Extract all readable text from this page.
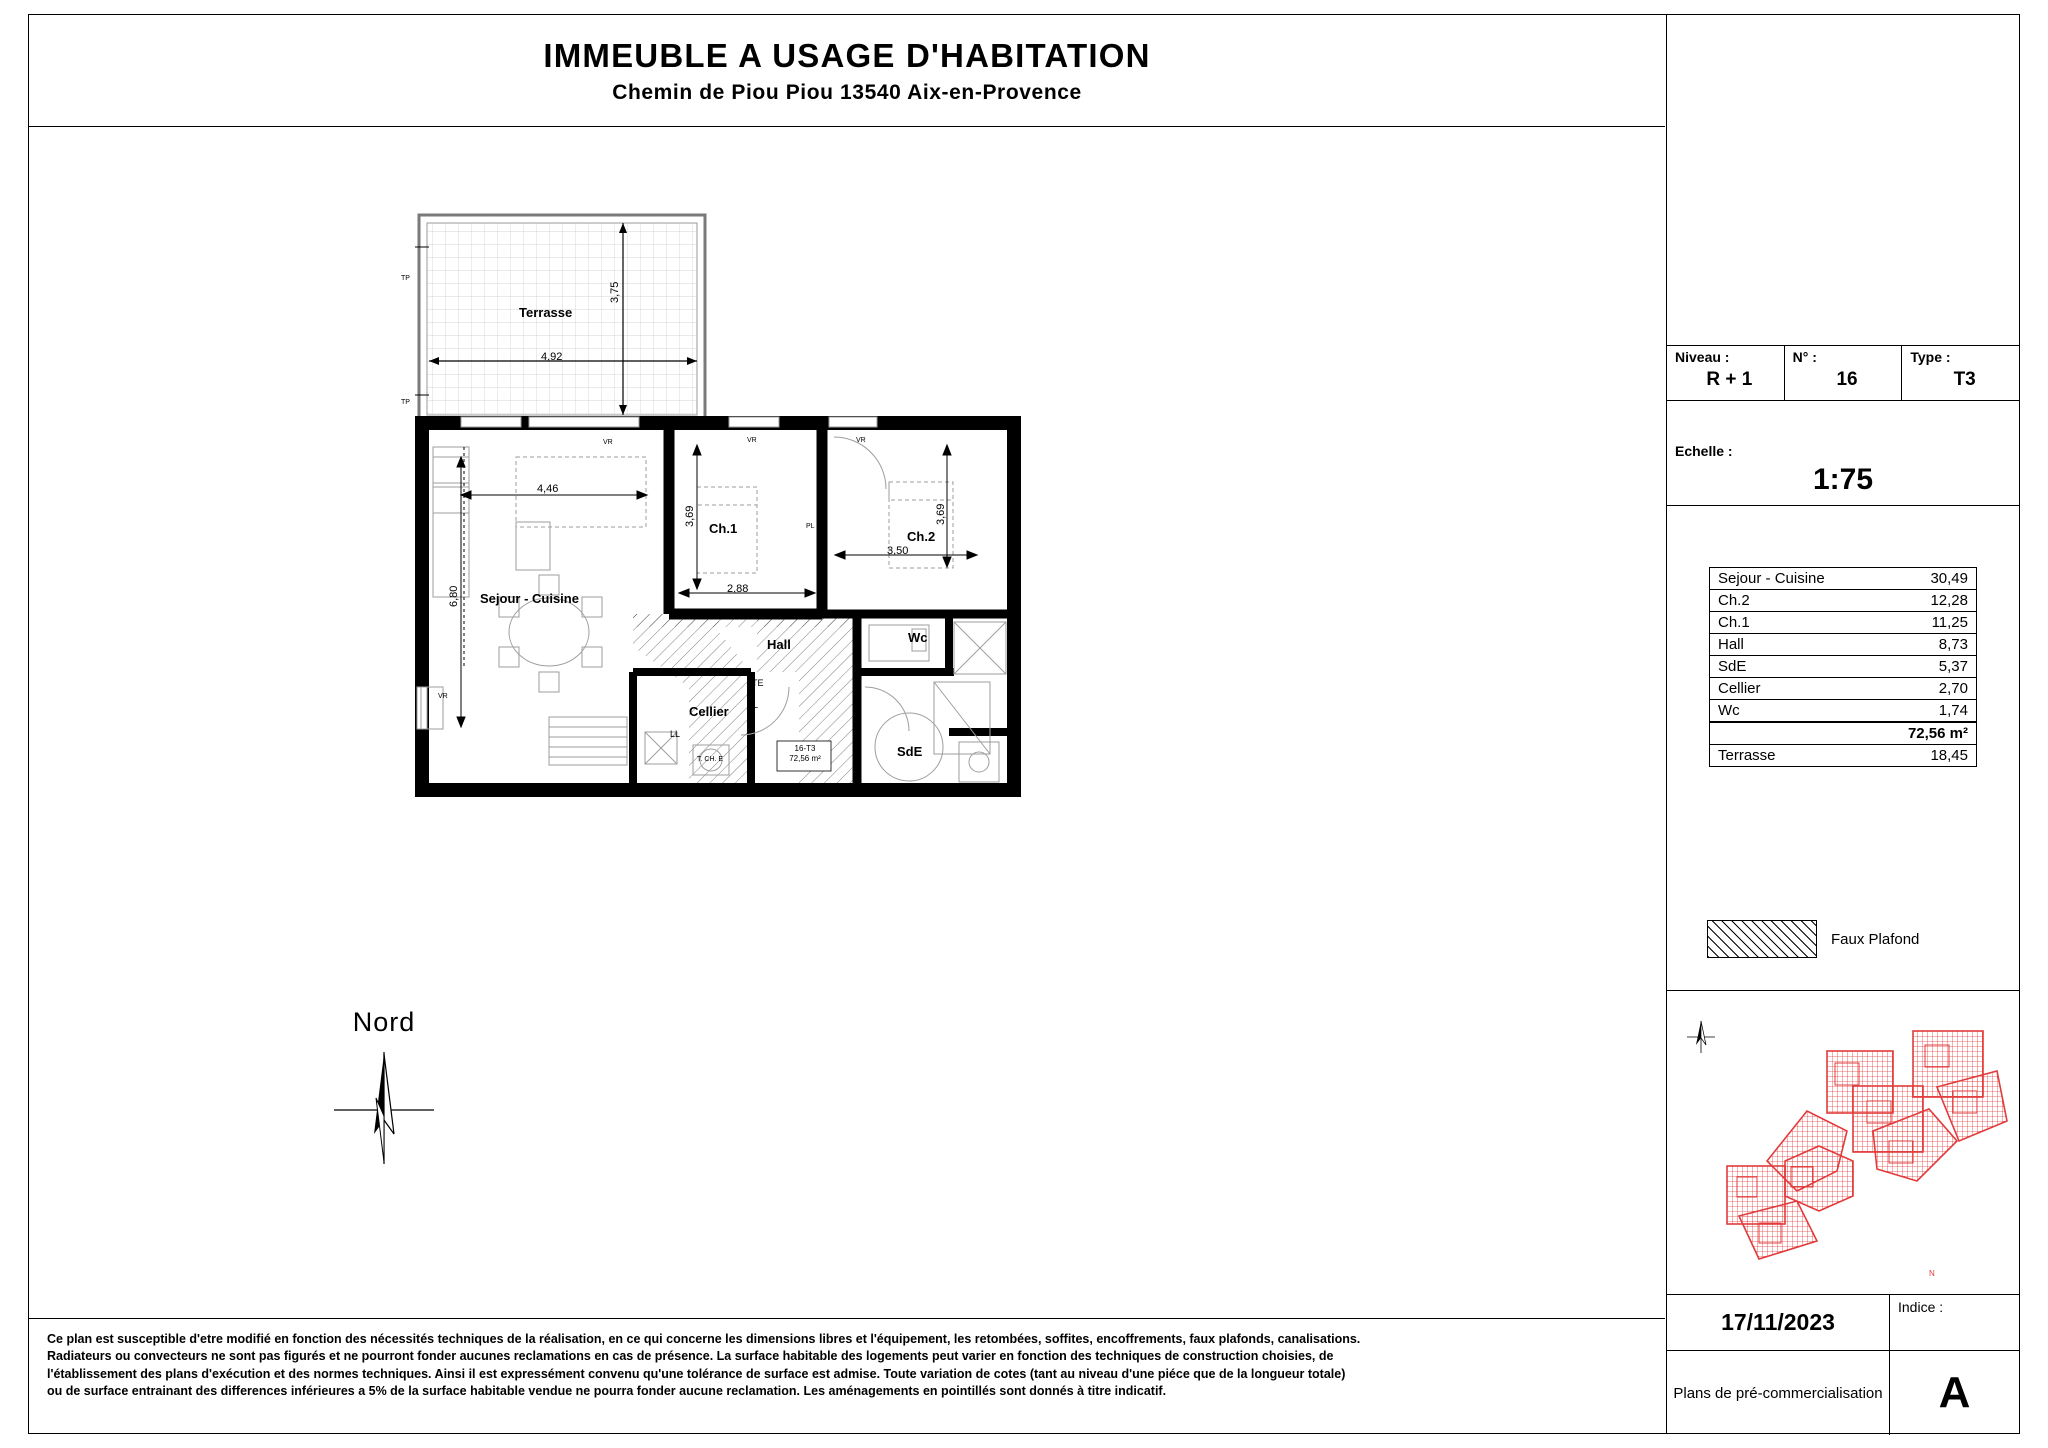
IMMEUBLE A USAGE D'HABITATION
Chemin de Piou Piou 13540 Aix-en-Provence
Terrasse
Sejour - Cuisine
Ch.1
Ch.2
Hall	Wc
Cellier
SdE
3,75
4,92
4,46
6,80
3,69
2,88
3,69
3,50
TP
TP
VR	VR	VR
VR
PL
TE
PL
LL
T. CH. E
16-T3
72,56 m²
Nord
Niveau :
R + 1
N° :
16
Type :
T3
Echelle :
1:75
Sejour - Cuisine	30,49
Ch.2	12,28
Ch.1	11,25
Hall	8,73
SdE	5,37
Cellier	2,70
Wc	1,74
72,56 m²
Terrasse	18,45
Faux Plafond
N
17/11/2023
Indice :
Plans de pré-commercialisation	A

Ce plan est susceptible d'etre modifié en fonction des nécessités techniques de la réalisation, en ce qui concerne les dimensions libres et l'équipement, les retombées, soffites, encoffrements, faux plafonds, canalisations.

Radiateurs ou convecteurs ne sont pas figurés et ne pourront fonder aucunes reclamations en cas de présence. La surface habitable des logements peut varier en fonction des techniques de construction choisies, de

l'établissement des plans d'exécution et des normes techniques. Ainsi il est expressément convenu qu'une tolérance de surface est admise. Toute variation de cotes (tant au niveau d'une piéce que de la longueur totale)

ou de surface entrainant des differences inférieures a 5% de la surface habitable vendue ne pourra fonder aucune reclamation. Les aménagements en pointillés sont donnés à titre indicatif.
